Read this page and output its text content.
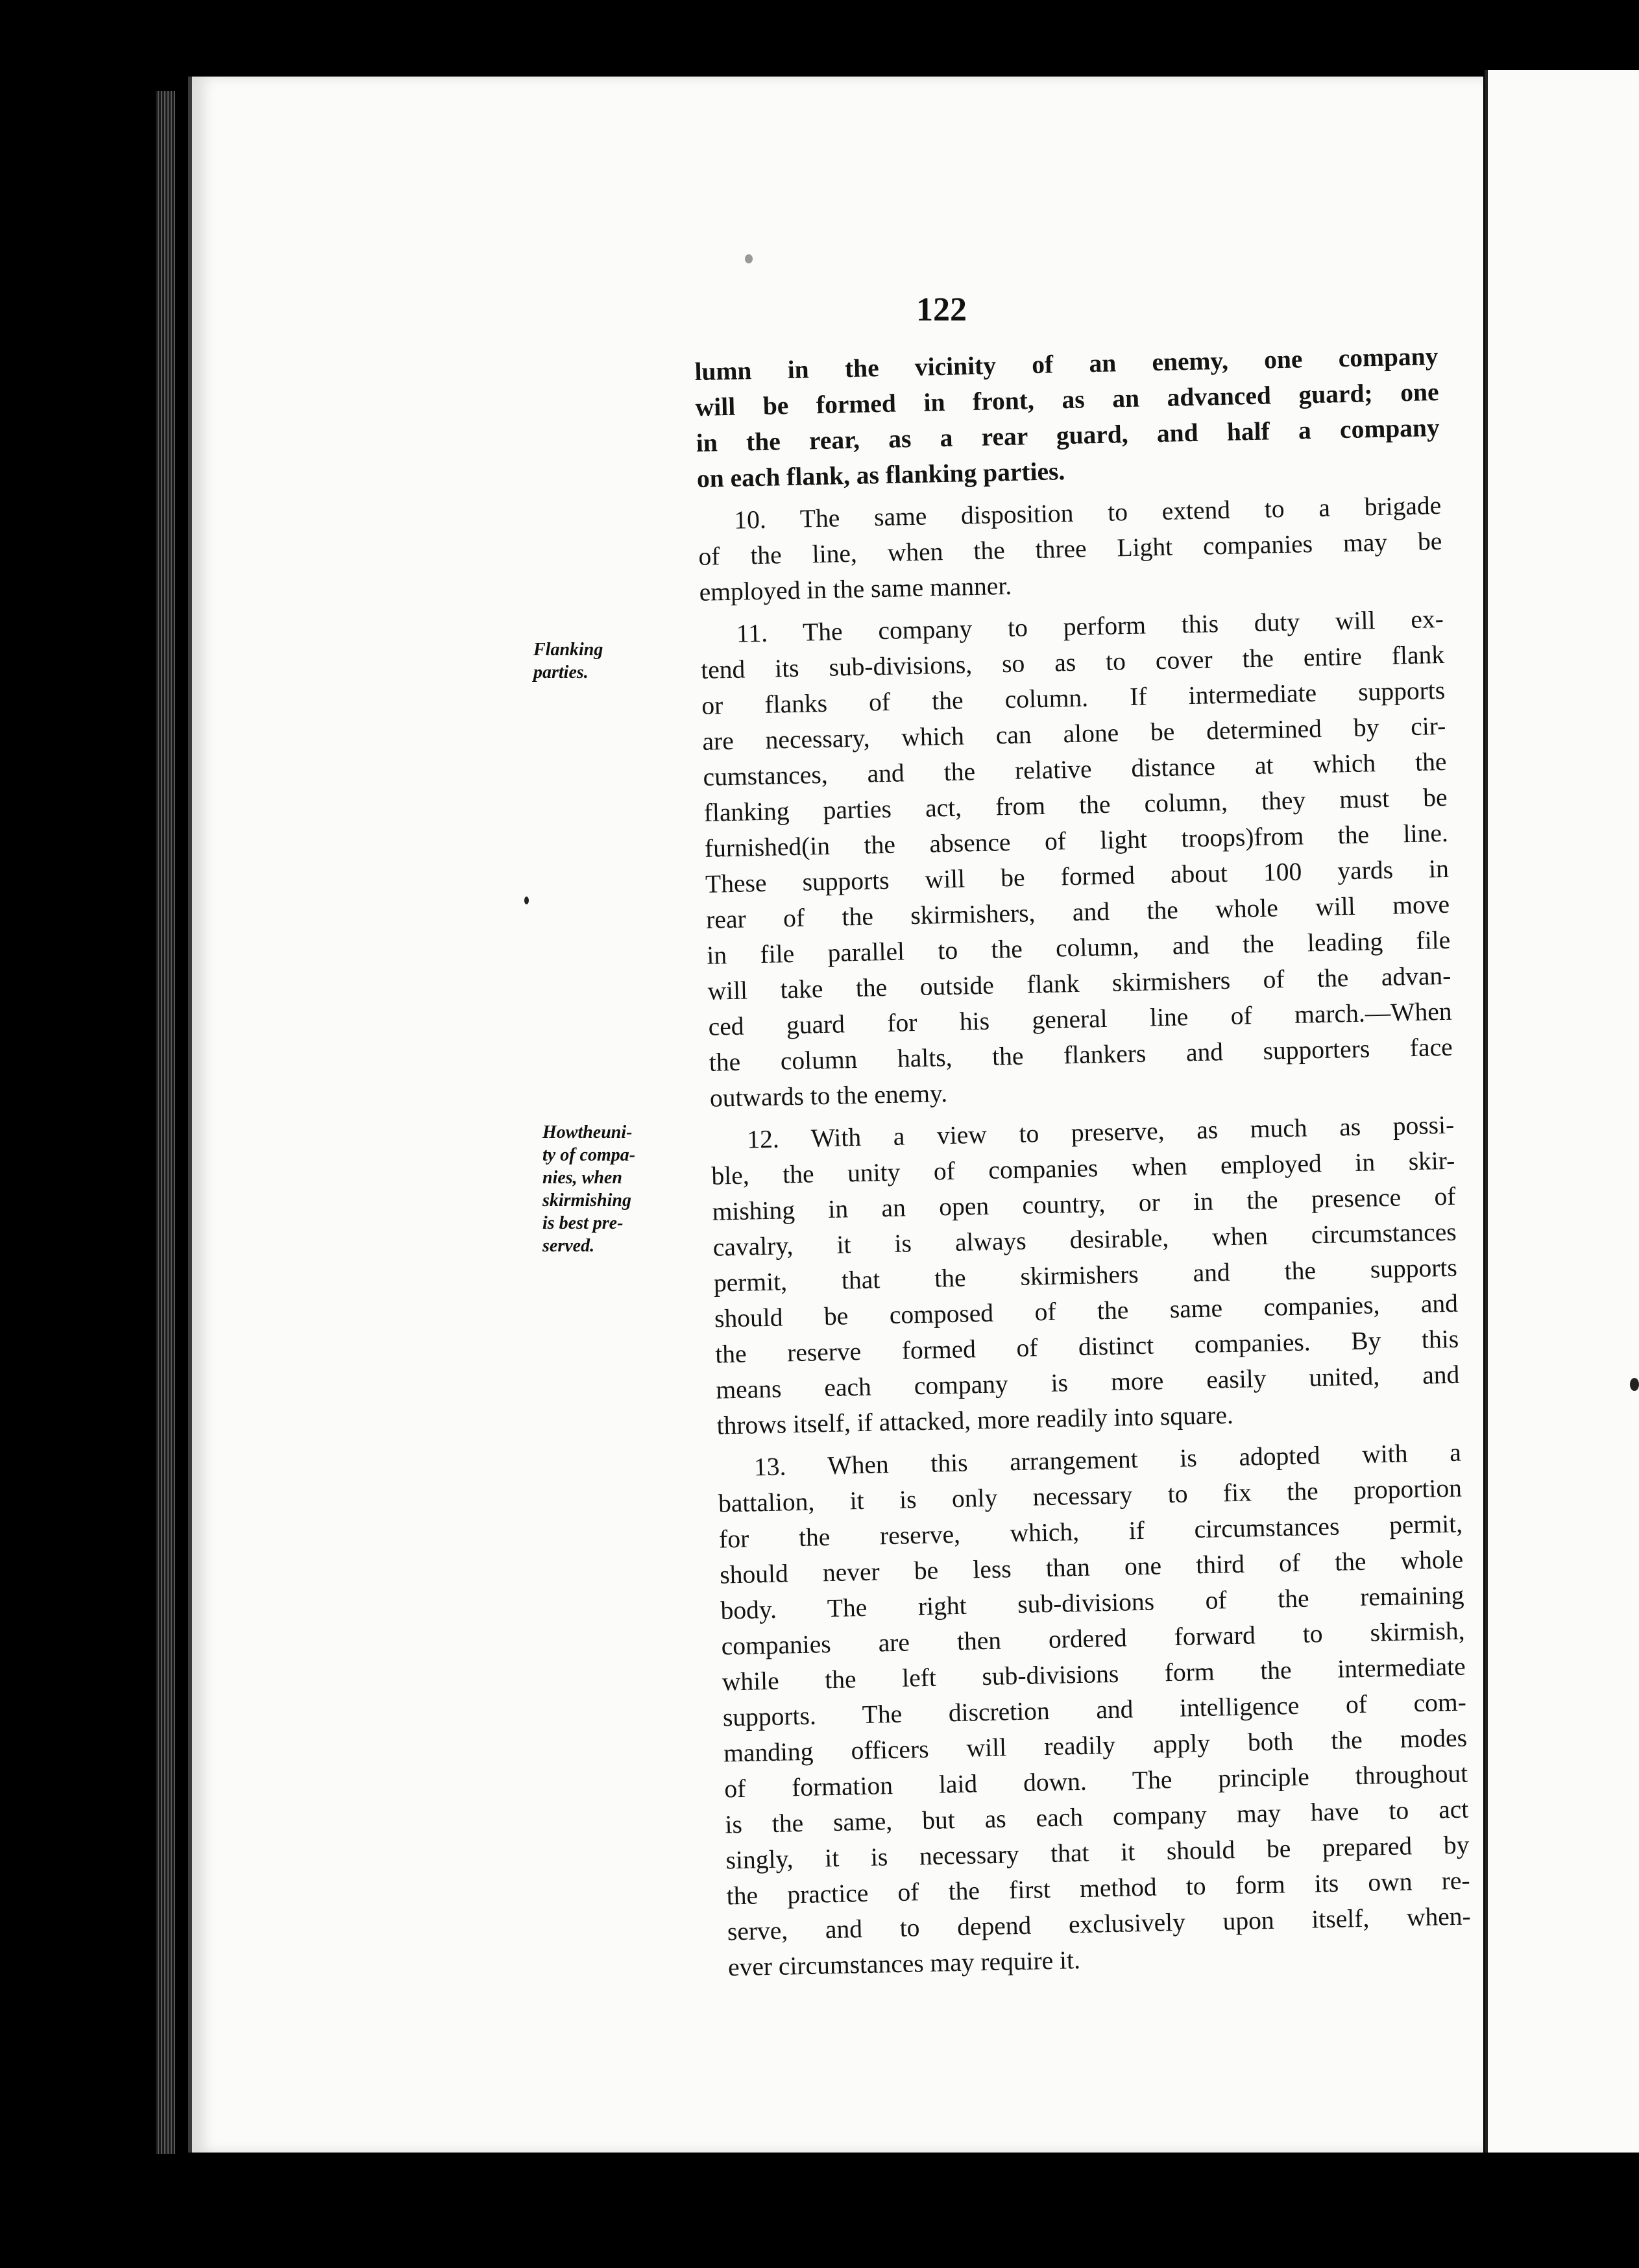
122

lumn in the vicinity of an enemy, one company
will be formed in front, as an advanced guard; one
in the rear, as a rear guard, and half a company
on each flank, as flanking parties.

10. The same disposition to extend to a brigade
of the line, when the three Light companies may be
employed in the same manner.

11. The company to perform this duty will ex-
tend its sub-divisions, so as to cover the entire flank
or flanks of the column. If intermediate supports
are necessary, which can alone be determined by cir-
cumstances, and the relative distance at which the
flanking parties act, from the column, they must be
furnished(in the absence of light troops)from the line.
These supports will be formed about 100 yards in
rear of the skirmishers, and the whole will move
in file parallel to the column, and the leading file
will take the outside flank skirmishers of the advan-
ced guard for his general line of march.—When
the column halts, the flankers and supporters face
outwards to the enemy.

12. With a view to preserve, as much as possi-
ble, the unity of companies when employed in skir-
mishing in an open country, or in the presence of
cavalry, it is always desirable, when circumstances
permit, that the skirmishers and the supports
should be composed of the same companies, and
the reserve formed of distinct companies. By this
means each company is more easily united, and
throws itself, if attacked, more readily into square.

13. When this arrangement is adopted with a
battalion, it is only necessary to fix the proportion
for the reserve, which, if circumstances permit,
should never be less than one third of the whole
body. The right sub-divisions of the remaining
companies are then ordered forward to skirmish,
while the left sub-divisions form the intermediate
supports. The discretion and intelligence of com-
manding officers will readily apply both the modes
of formation laid down. The principle throughout
is the same, but as each company may have to act
singly, it is necessary that it should be prepared by
the practice of the first method to form its own re-
serve, and to depend exclusively upon itself, when-
ever circumstances may require it.

Flanking
parties.
Howtheuni-
ty of compa-
nies, when
skirmishing
is best pre-
served.
